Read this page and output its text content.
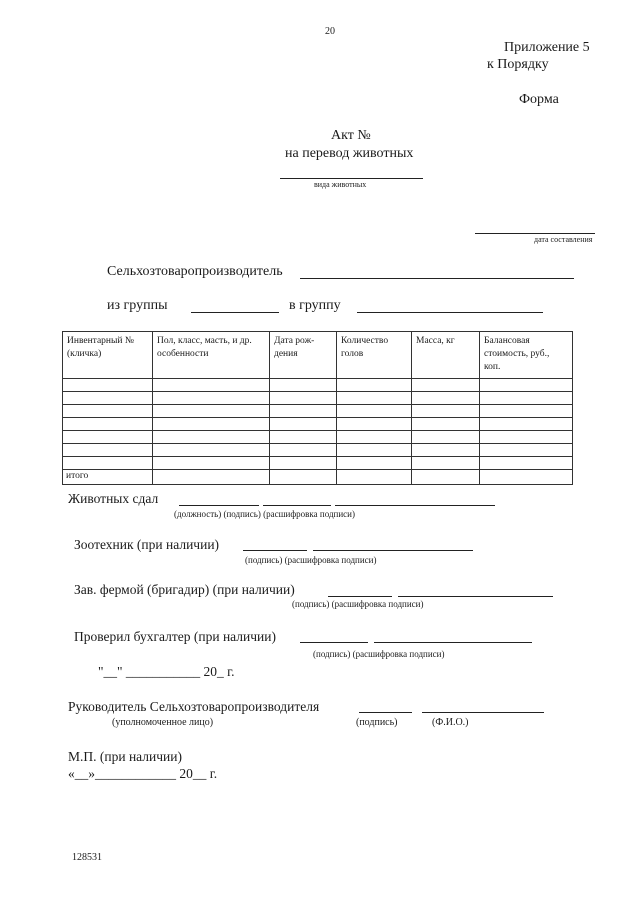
20
Приложение 5
к Порядку
Форма
Акт №
на перевод животных
вида животных
дата составления
Сельхозтоваропроизводитель
из группы	в группу
Инвентарный № (кличка)	Пол, класс, масть, и др. особенности	Дата рож-дения	Количество голов	Масса, кг	Балансовая стоимость, руб., коп.

итого					
Животных сдал
(должность) (подпись) (расшифровка подписи)
Зоотехник (при наличии)
(подпись) (расшифровка подписи)
Зав. фермой (бригадир) (при наличии)
(подпись) (расшифровка подписи)
Проверил бухгалтер (при наличии)
(подпись) (расшифровка подписи)
"__" ___________ 20_ г.
Руководитель Сельхозтоваропроизводителя
(уполномоченное лицо)	(подпись)	(Ф.И.О.)
М.П. (при наличии)
«__»____________ 20__ г.
128531
